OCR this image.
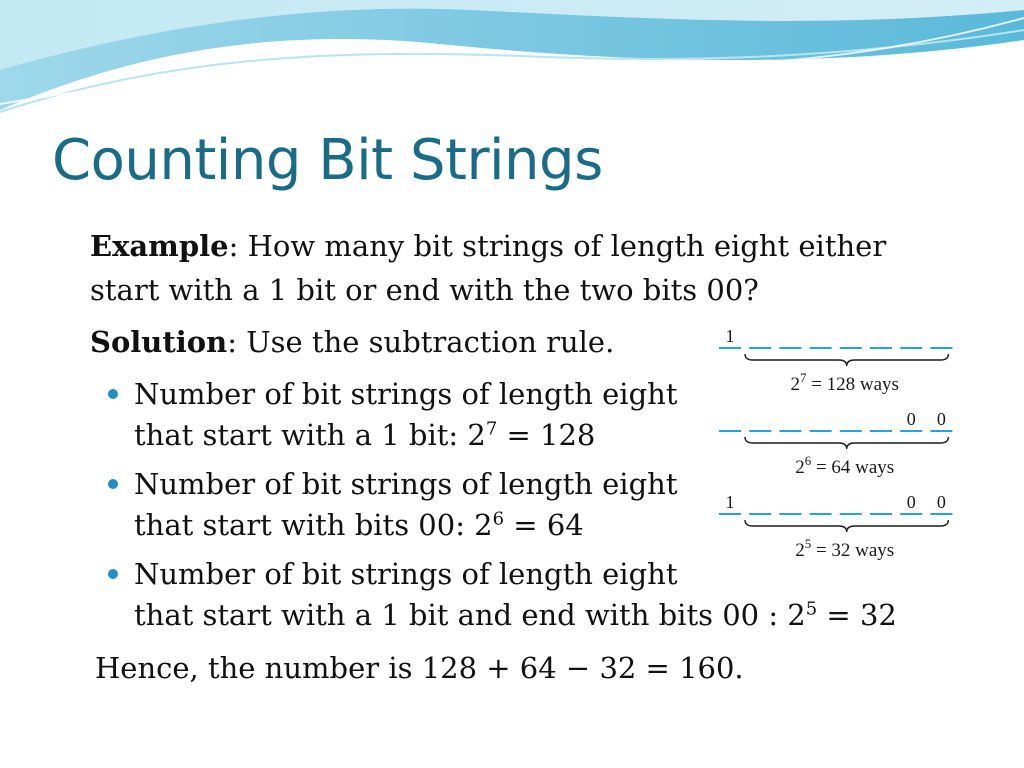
Counting Bit Strings
Example: How many bit strings of length eight either
start with a 1 bit or end with the two bits 00?
Solution: Use the subtraction rule.
Number of bit strings of length eight
that start with a 1 bit: $2^7 = 128$
Number of bit strings of length eight
that start with bits 00: $2^6 = 64$
Number of bit strings of length eight
that start with a 1 bit and end with bits 00 : $2^5 = 32$
Hence, the number is 128 + 64 − 32 = 160.
1
$2^7 = 128$ ways
0 0
$2^6 = 64$ ways
1	0 0
$2^5 = 32$ ways
